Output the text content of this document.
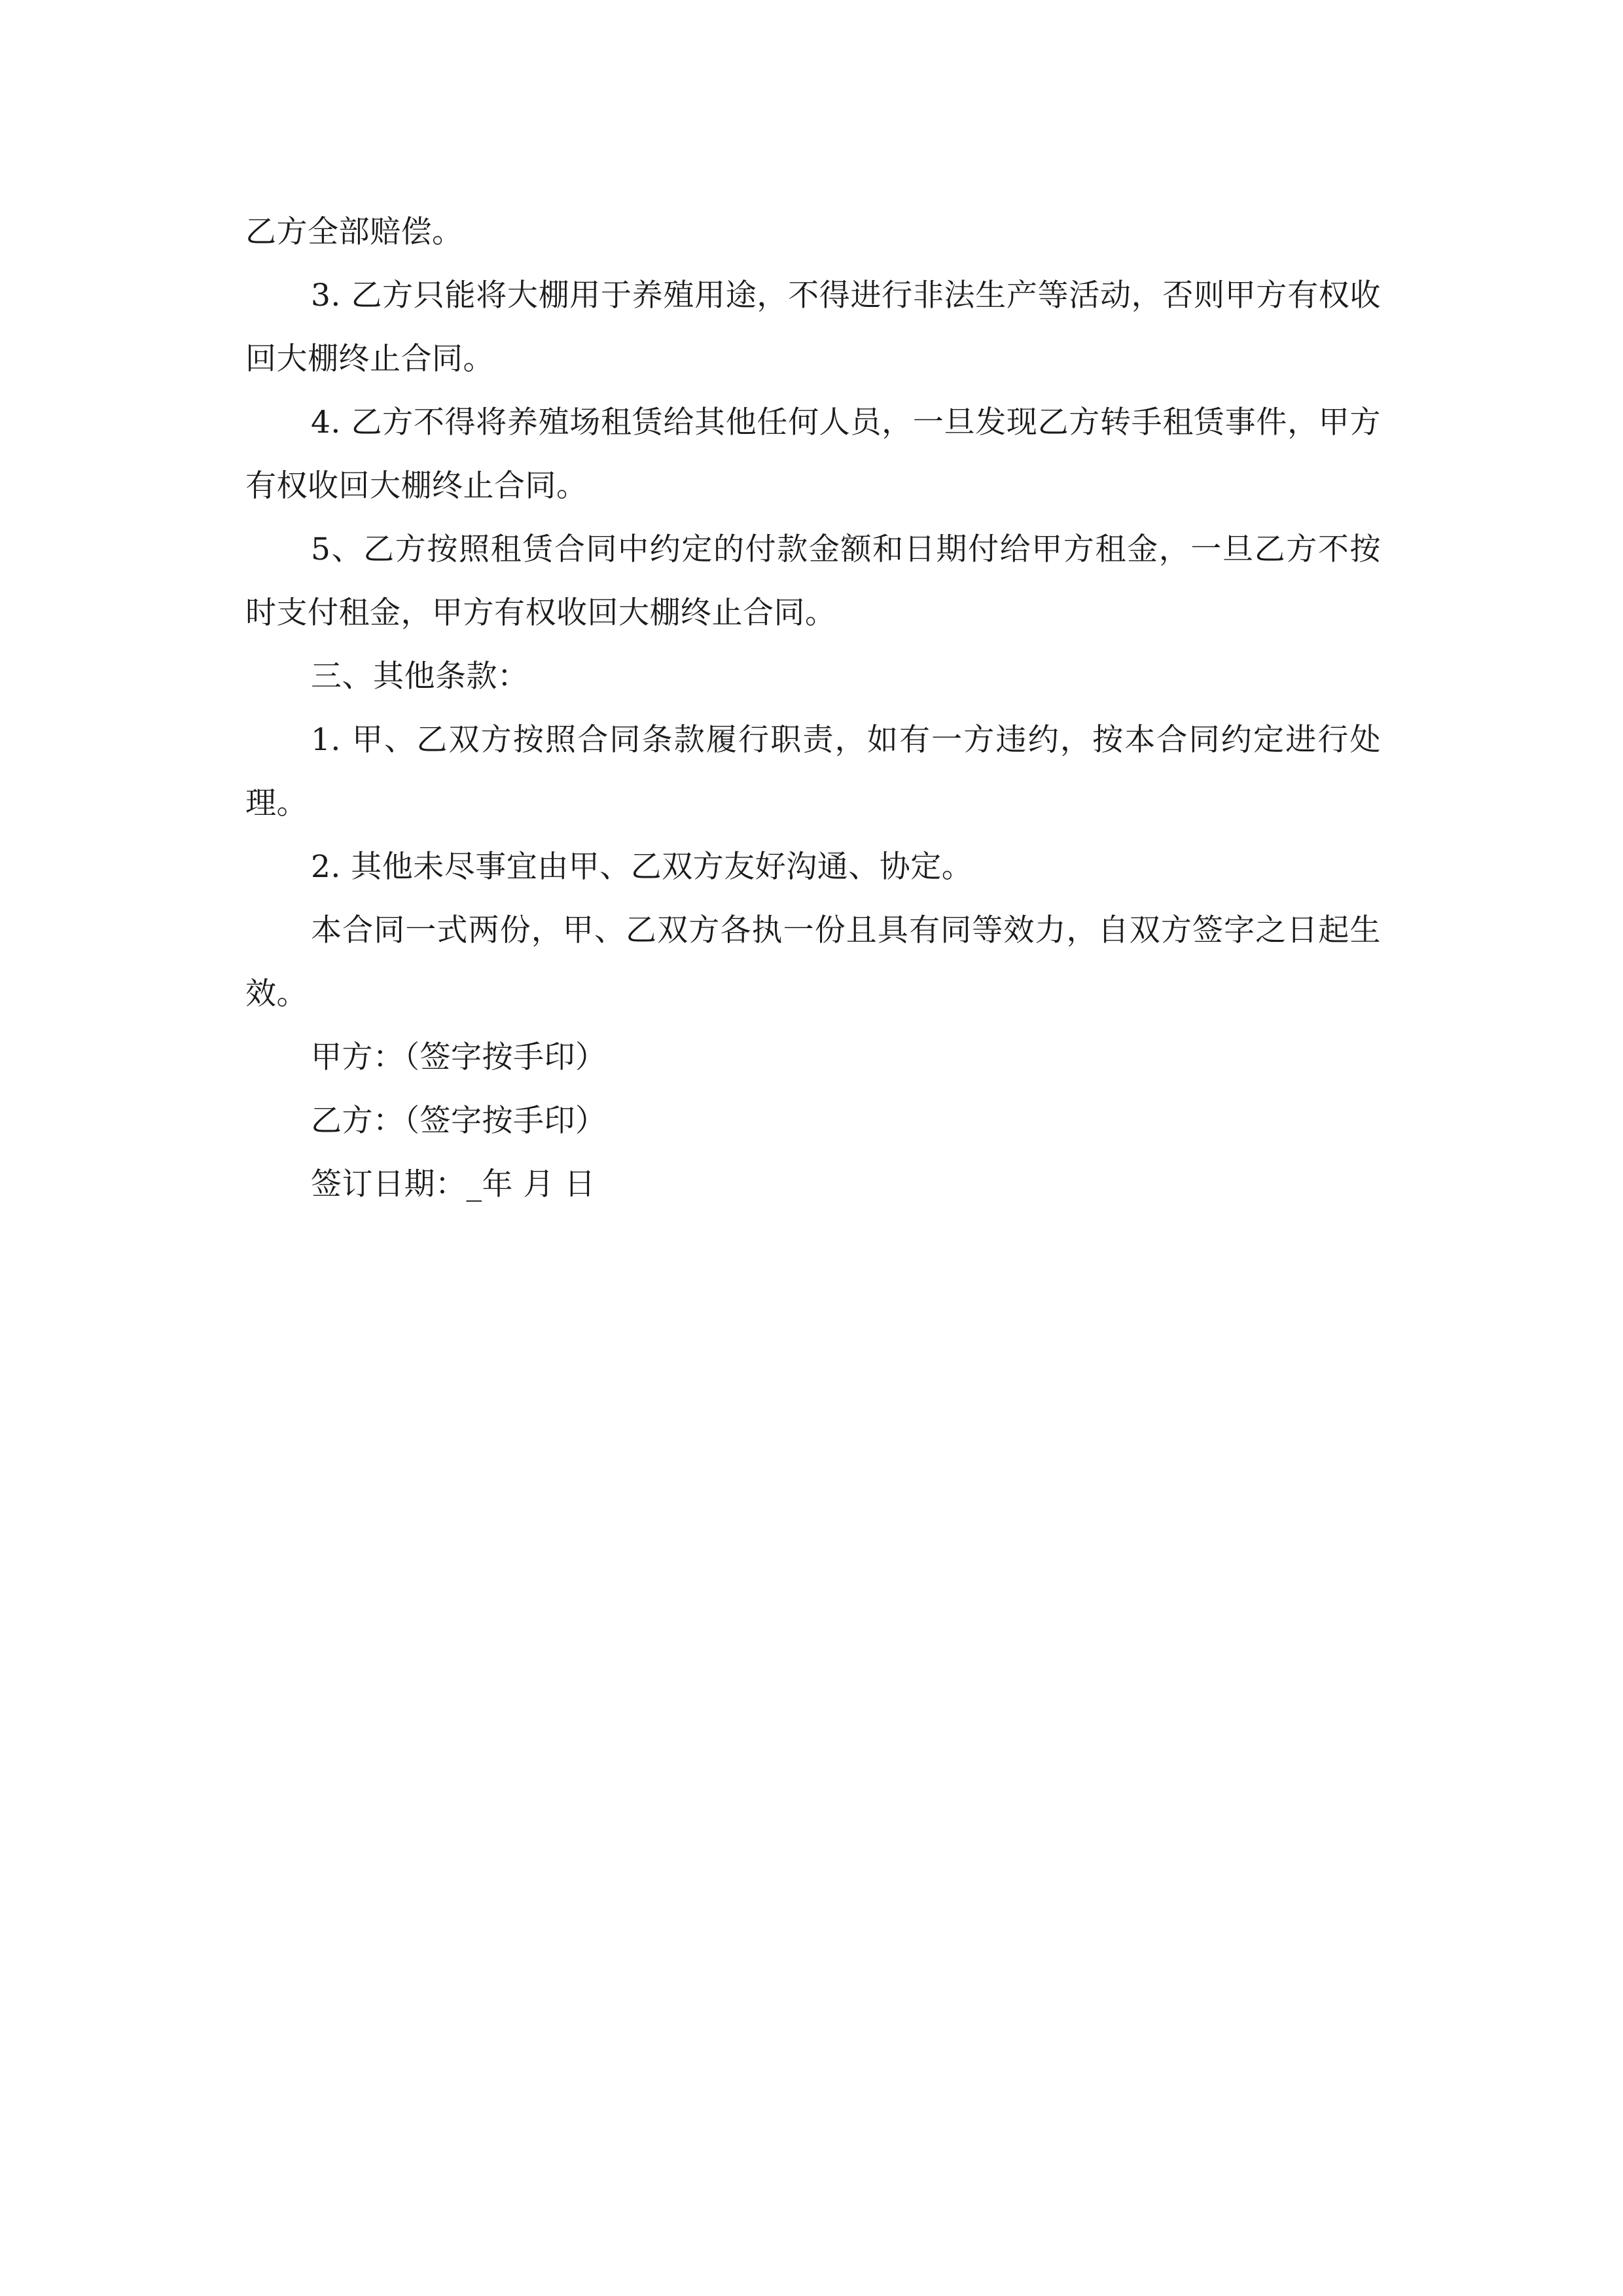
乙方全部赔偿。

3. 乙方只能将大棚用于养殖用途，不得进行非法生产等活动，否则甲方有权收回大棚终止合同。

4. 乙方不得将养殖场租赁给其他任何人员，一旦发现乙方转手租赁事件，甲方有权收回大棚终止合同。

5、乙方按照租赁合同中约定的付款金额和日期付给甲方租金，一旦乙方不按时支付租金，甲方有权收回大棚终止合同。

三、其他条款：

1. 甲、乙双方按照合同条款履行职责，如有一方违约，按本合同约定进行处理。

2. 其他未尽事宜由甲、乙双方友好沟通、协定。

本合同一式两份，甲、乙双方各执一份且具有同等效力，自双方签字之日起生效。

甲方：（签字按手印）

乙方：（签字按手印）

签订日期：_年 月 日
